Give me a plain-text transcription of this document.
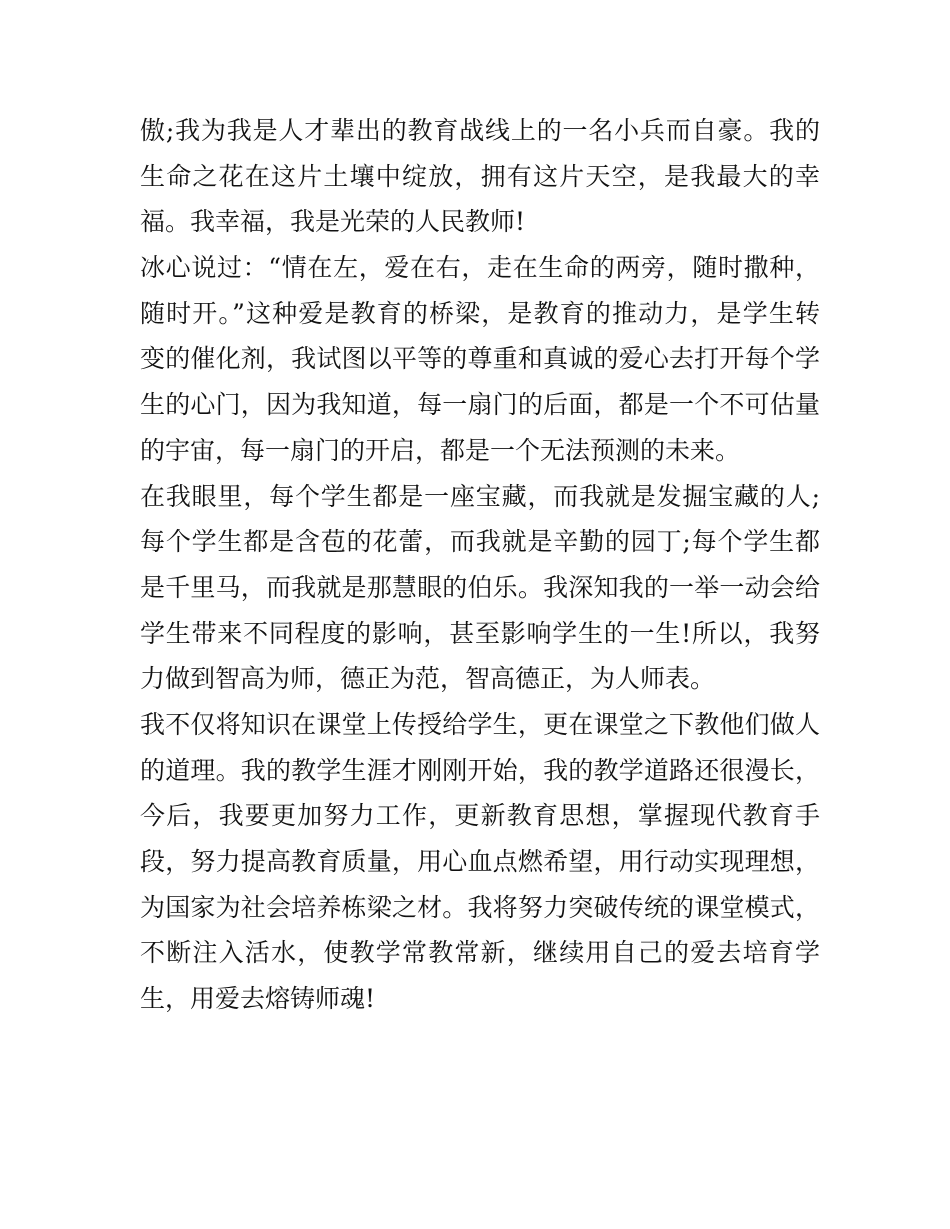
傲;我为我是人才辈出的教育战线上的一名小兵而自豪。我的
生命之花在这片土壤中绽放，拥有这片天空，是我最大的幸
福。我幸福，我是光荣的人民教师!
冰心说过：“情在左，爱在右，走在生命的两旁，随时撒种，
随时开。”这种爱是教育的桥梁，是教育的推动力，是学生转
变的催化剂，我试图以平等的尊重和真诚的爱心去打开每个学
生的心门，因为我知道，每一扇门的后面，都是一个不可估量
的宇宙，每一扇门的开启，都是一个无法预测的未来。
在我眼里，每个学生都是一座宝藏，而我就是发掘宝藏的人;
每个学生都是含苞的花蕾，而我就是辛勤的园丁;每个学生都
是千里马，而我就是那慧眼的伯乐。我深知我的一举一动会给
学生带来不同程度的影响，甚至影响学生的一生!所以，我努
力做到智高为师，德正为范，智高德正，为人师表。
我不仅将知识在课堂上传授给学生，更在课堂之下教他们做人
的道理。我的教学生涯才刚刚开始，我的教学道路还很漫长，
今后，我要更加努力工作，更新教育思想，掌握现代教育手
段，努力提高教育质量，用心血点燃希望，用行动实现理想，
为国家为社会培养栋梁之材。我将努力突破传统的课堂模式，
不断注入活水，使教学常教常新，继续用自己的爱去培育学
生，用爱去熔铸师魂!
